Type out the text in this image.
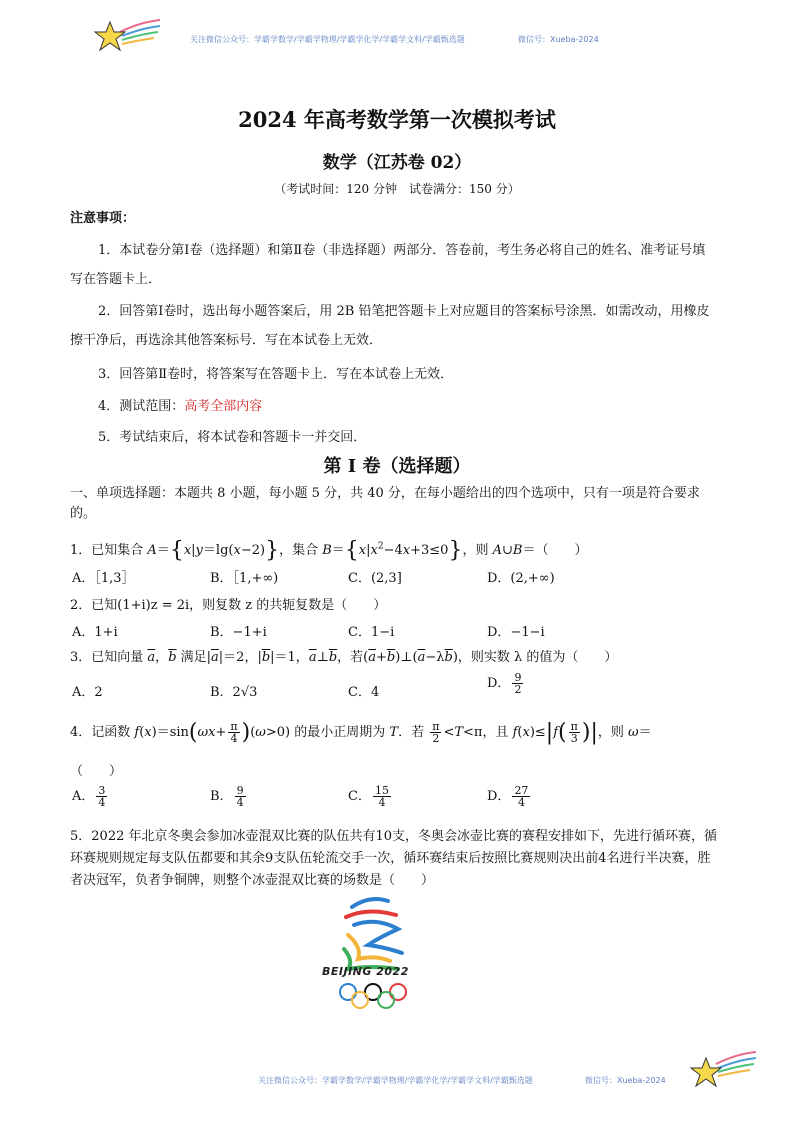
关注微信公众号：学霸学数学/学霸学物理/学霸学化学/学霸学文科/学霸甄选题	微信号：Xueba-2024
2024 年高考数学第一次模拟考试
数学（江苏卷 02）
（考试时间：120 分钟　试卷满分：150 分）
注意事项：

1．本试卷分第Ⅰ卷（选择题）和第Ⅱ卷（非选择题）两部分．答卷前，考生务必将自己的姓名、准考证号填写在答题卡上．

2．回答第Ⅰ卷时，选出每小题答案后，用 2B 铅笔把答题卡上对应题目的答案标号涂黑．如需改动，用橡皮擦干净后，再选涂其他答案标号．写在本试卷上无效．

3．回答第Ⅱ卷时，将答案写在答题卡上．写在本试卷上无效．
4．测试范围：高考全部内容
5．考试结束后，将本试卷和答题卡一并交回．
第 I 卷（选择题）

一、单项选择题：本题共 8 小题，每小题 5 分，共 40 分，在每小题给出的四个选项中，只有一项是符合要求的。

1．已知集合 A＝{x|y＝lg(x−2)}，集合 $B=\{x|x^2-4x+3\le 0\}$，则 A∪B＝（　　）
A．［1,3］	B．［1,+∞)	C．(2,3]	D．(2,+∞)
2．已知(1+i)z = 2i，则复数 z 的共轭复数是（　　）
A．1+i	B．−1+i	C．1−i	D．−1−i
3．已知向量 $\overline{a}$，$\overline{b}$ 满足$|\overline{a}|=2$，$|\overline{b}|=1$，$\overline{a}\perp\overline{b}$，若$(\overline{a}+\overline{b})\perp(\overline{a}-\lambda\overline{b})$，则实数 λ 的值为（　　）
A．2	B．2√3	C．4
D． $\frac{9}{2}$
4．记函数 $f(x)=\sin(\omega x+ \frac{\pi}{4} )(\omega>0)$ 的最小正周期为 T．若 $\frac{\pi}{2} <T<\pi$，且 $f(x)\le|f( \frac{\pi}{3}$ )|，则 ω＝
（　　）
A． $\frac{3}{4}$	B． $\frac{9}{4}$	C． $\frac{15}{4}$	D． $\frac{27}{4}$

5．2022 年北京冬奥会参加冰壶混双比赛的队伍共有10支，冬奥会冰壶比赛的赛程安排如下，先进行循环赛，循环赛规则规定每支队伍都要和其余9支队伍轮流交手一次，循环赛结束后按照比赛规则决出前4名进行半决赛，胜者决冠军，负者争铜牌，则整个冰壶混双比赛的场数是（　　）

BEIJING 2022
关注微信公众号：学霸学数学/学霸学物理/学霸学化学/学霸学文科/学霸甄选题	微信号：Xueba-2024
